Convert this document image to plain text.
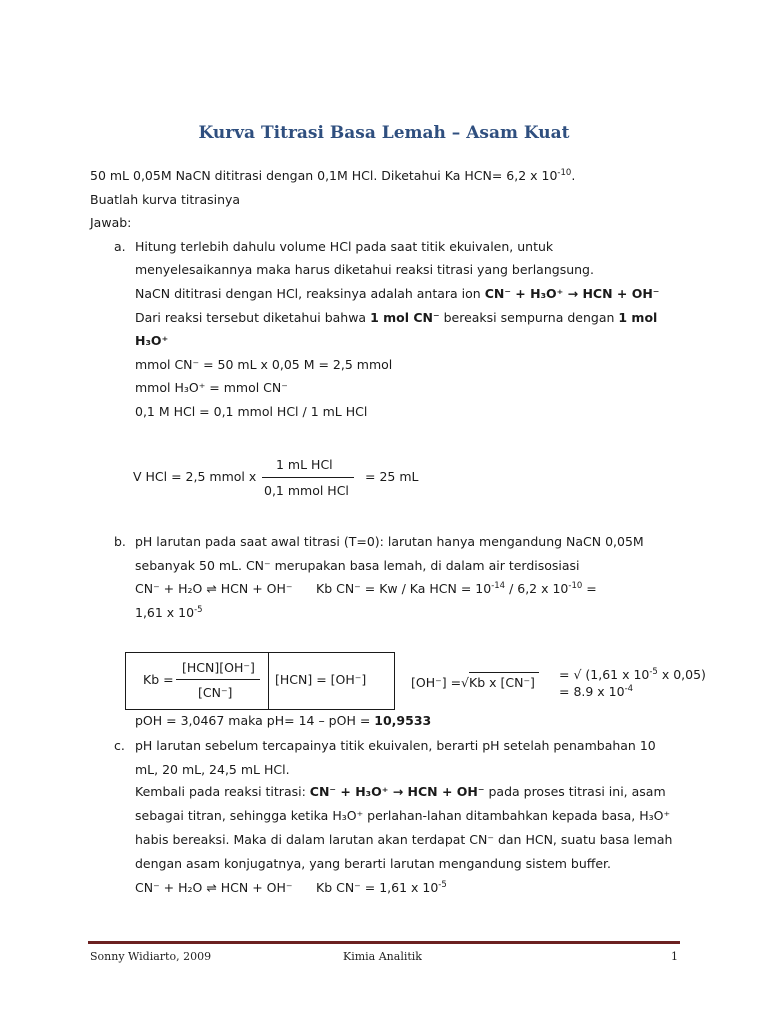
Kurva Titrasi Basa Lemah – Asam Kuat
50 mL 0,05M NaCN dititrasi dengan 0,1M HCl. Diketahui Ka HCN= 6,2 x $10^{-10}$.
Buatlah kurva titrasinya
Jawab:
a. Hitung terlebih dahulu volume HCl pada saat titik ekuivalen, untuk
menyelesaikannya maka harus diketahui reaksi titrasi yang berlangsung.
NaCN dititrasi dengan HCl, reaksinya adalah antara ion CN⁻ + H₃O⁺ → HCN + OH⁻
Dari reaksi tersebut diketahui bahwa 1 mol CN⁻ bereaksi sempurna dengan 1 mol
H₃O⁺
mmol CN⁻ = 50 mL x 0,05 M = 2,5 mmol
mmol H₃O⁺ = mmol CN⁻
0,1 M HCl = 0,1 mmol HCl / 1 mL HCl
V HCl = 2,5 mmol x
1 mL HCl
0,1 mmol HCl
= 25 mL
b. pH larutan pada saat awal titrasi (T=0): larutan hanya mengandung NaCN 0,05M
sebanyak 50 mL. CN⁻ merupakan basa lemah, di dalam air terdisosiasi
CN⁻ + H₂O ⇌ HCN + OH⁻ Kb CN⁻ = Kw / Ka HCN = $10^{-14} / 6,2$ x $10^{-10}$ =
1,61 x $10^{-5}$
Kb =
[HCN][OH⁻]
[CN⁻]
[HCN] = [OH⁻]	[OH⁻] =√Kb x [CN⁻]
= √ (1,61 x $10^{-5}$ x 0,05)
= 8.9 x $10^{-4}$
pOH = 3,0467 maka pH= 14 – pOH = 10,9533
c. pH larutan sebelum tercapainya titik ekuivalen, berarti pH setelah penambahan 10
mL, 20 mL, 24,5 mL HCl.
Kembali pada reaksi titrasi: CN⁻ + H₃O⁺ → HCN + OH⁻ pada proses titrasi ini, asam
sebagai titran, sehingga ketika H₃O⁺ perlahan-lahan ditambahkan kepada basa, H₃O⁺
habis bereaksi. Maka di dalam larutan akan terdapat CN⁻ dan HCN, suatu basa lemah
dengan asam konjugatnya, yang berarti larutan mengandung sistem buffer.
CN⁻ + H₂O ⇌ HCN + OH⁻ Kb CN⁻ = 1,61 x $10^{-5}$
Sonny Widiarto, 2009	Kimia Analitik	1
